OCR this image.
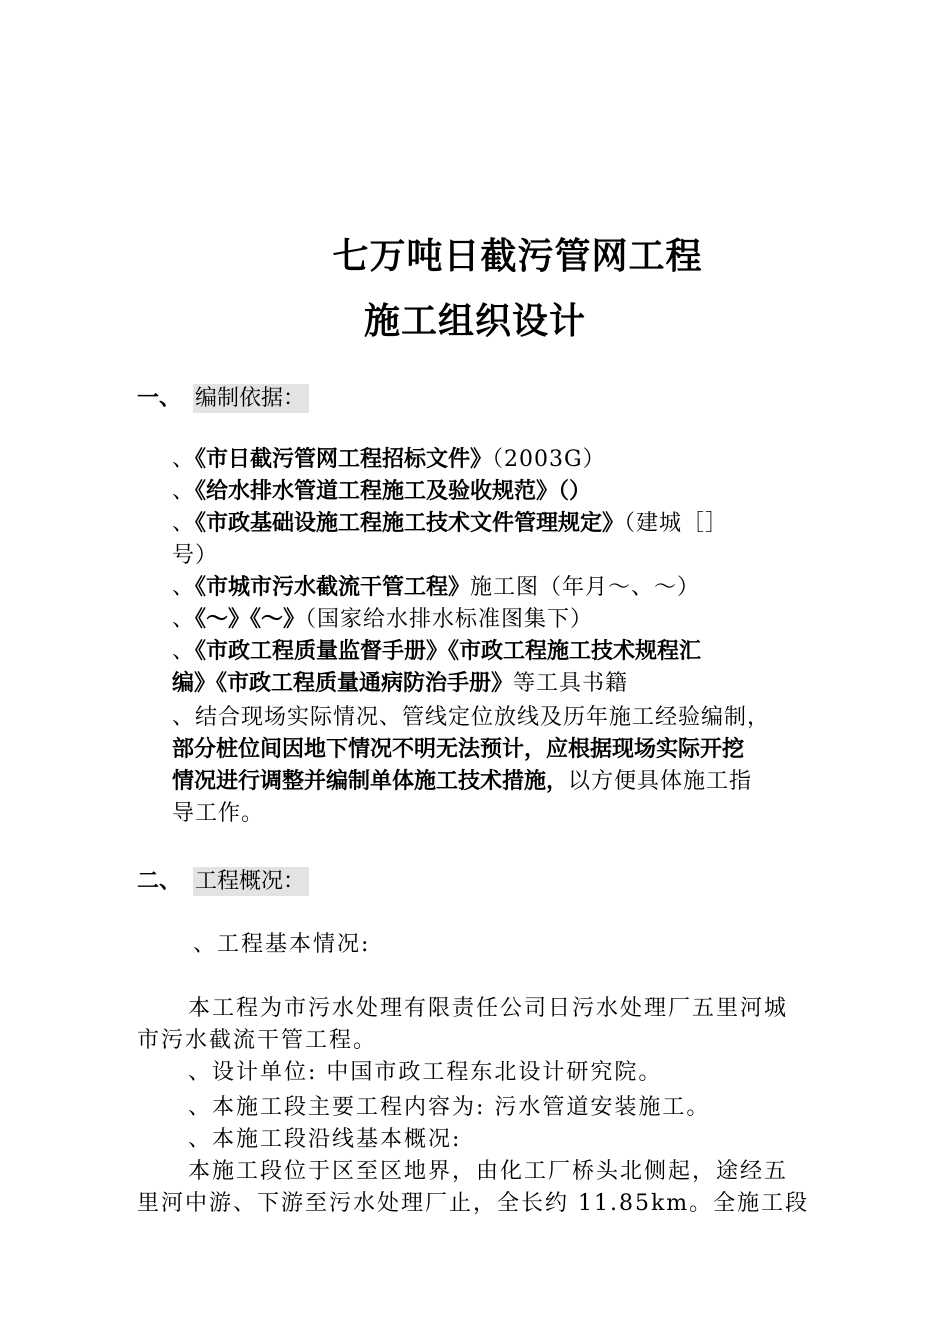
七万吨日截污管网工程
施工组织设计
一、 编制依据：
、《市日截污管网工程招标文件》（2003G）
、《给水排水管道工程施工及验收规范》（）
、《市政基础设施工程施工技术文件管理规定》（建城［］
号）
、《市城市污水截流干管工程》施工图（年月～、～）
、《～》《～》（国家给水排水标准图集下）
、《市政工程质量监督手册》《市政工程施工技术规程汇
编》《市政工程质量通病防治手册》等工具书籍
、结合现场实际情况、管线定位放线及历年施工经验编制，
部分桩位间因地下情况不明无法预计，应根据现场实际开挖
情况进行调整并编制单体施工技术措施，以方便具体施工指
导工作。
二、 工程概况：
、工程基本情况:
本工程为市污水处理有限责任公司日污水处理厂五里河城
市污水截流干管工程。
、设计单位: 中国市政工程东北设计研究院。
、本施工段主要工程内容为: 污水管道安装施工。
、本施工段沿线基本概况:
本施工段位于区至区地界，由化工厂桥头北侧起，途经五
里河中游、下游至污水处理厂止，全长约 11.85km。全施工段
